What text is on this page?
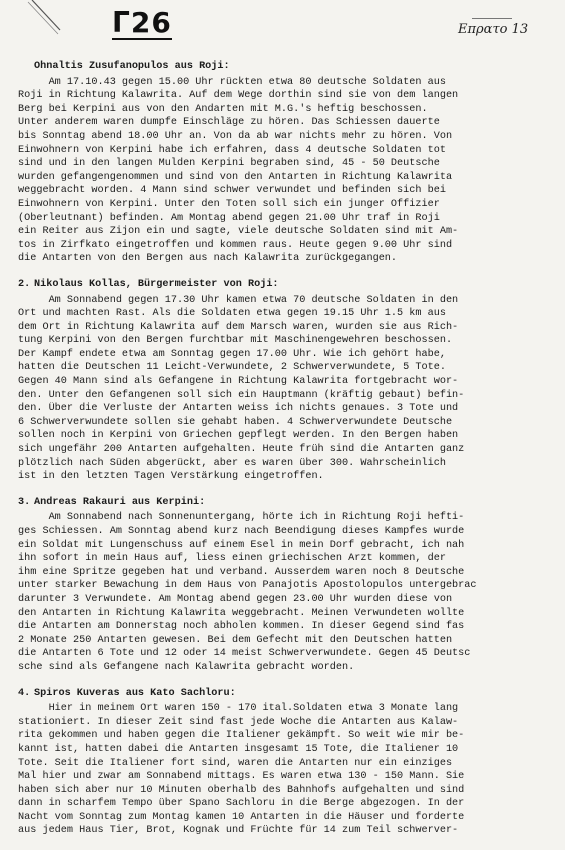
Γ26	Επρατο 13
Ohnaltis Zusufanopulos aus Roji:
Am 17.10.43 gegen 15.00 Uhr rückten etwa 80 deutsche Soldaten aus
Roji in Richtung Kalawrita. Auf dem Wege dorthin sind sie von dem langen
Berg bei Kerpini aus von den Andarten mit M.G.'s heftig beschossen.
Unter anderem waren dumpfe Einschläge zu hören. Das Schiessen dauerte
bis Sonntag abend 18.00 Uhr an. Von da ab war nichts mehr zu hören. Von
Einwohnern von Kerpini habe ich erfahren, dass 4 deutsche Soldaten tot
sind und in den langen Mulden Kerpini begraben sind, 45 - 50 Deutsche
wurden gefangengenommen und sind von den Antarten in Richtung Kalawrita
weggebracht worden. 4 Mann sind schwer verwundet und befinden sich bei
Einwohnern von Kerpini. Unter den Toten soll sich ein junger Offizier
(Oberleutnant) befinden. Am Montag abend gegen 21.00 Uhr traf in Roji
ein Reiter aus Zijon ein und sagte, viele deutsche Soldaten sind mit Am-
tos in Zirfkato eingetroffen und kommen raus. Heute gegen 9.00 Uhr sind
die Antarten von den Bergen aus nach Kalawrita zurückgegangen.
2. Nikolaus Kollas, Bürgermeister von Roji:
Am Sonnabend gegen 17.30 Uhr kamen etwa 70 deutsche Soldaten in den
Ort und machten Rast. Als die Soldaten etwa gegen 19.15 Uhr 1.5 km aus
dem Ort in Richtung Kalawrita auf dem Marsch waren, wurden sie aus Rich-
tung Kerpini von den Bergen furchtbar mit Maschinengewehren beschossen.
Der Kampf endete etwa am Sonntag gegen 17.00 Uhr. Wie ich gehört habe,
hatten die Deutschen 11 Leicht-Verwundete, 2 Schwerverwundete, 5 Tote.
Gegen 40 Mann sind als Gefangene in Richtung Kalawrita fortgebracht wor-
den. Unter den Gefangenen soll sich ein Hauptmann (kräftig gebaut) befin-
den. Über die Verluste der Antarten weiss ich nichts genaues. 3 Tote und
6 Schwerverwundete sollen sie gehabt haben. 4 Schwerverwundete Deutsche
sollen noch in Kerpini von Griechen gepflegt werden. In den Bergen haben
sich ungefähr 200 Antarten aufgehalten. Heute früh sind die Antarten ganz
plötzlich nach Süden abgerückt, aber es waren über 300. Wahrscheinlich
ist in den letzten Tagen Verstärkung eingetroffen.
3. Andreas Rakauri aus Kerpini:
Am Sonnabend nach Sonnenuntergang, hörte ich in Richtung Roji hefti-
ges Schiessen. Am Sonntag abend kurz nach Beendigung dieses Kampfes wurde
ein Soldat mit Lungenschuss auf einem Esel in mein Dorf gebracht, ich nah
ihn sofort in mein Haus auf, liess einen griechischen Arzt kommen, der
ihm eine Spritze gegeben hat und verband. Ausserdem waren noch 8 Deutsche
unter starker Bewachung in dem Haus von Panajotis Apostolopulos untergebrac
darunter 3 Verwundete. Am Montag abend gegen 23.00 Uhr wurden diese von
den Antarten in Richtung Kalawrita weggebracht. Meinen Verwundeten wollte
die Antarten am Donnerstag noch abholen kommen. In dieser Gegend sind fas
2 Monate 250 Antarten gewesen. Bei dem Gefecht mit den Deutschen hatten
die Antarten 6 Tote und 12 oder 14 meist Schwerverwundete. Gegen 45 Deutsc
sche sind als Gefangene nach Kalawrita gebracht worden.
4. Spiros Kuveras aus Kato Sachloru:
Hier in meinem Ort waren 150 - 170 ital.Soldaten etwa 3 Monate lang
stationiert. In dieser Zeit sind fast jede Woche die Antarten aus Kalaw-
rita gekommen und haben gegen die Italiener gekämpft. So weit wie mir be-
kannt ist, hatten dabei die Antarten insgesamt 15 Tote, die Italiener 10
Tote. Seit die Italiener fort sind, waren die Antarten nur ein einziges
Mal hier und zwar am Sonnabend mittags. Es waren etwa 130 - 150 Mann. Sie
haben sich aber nur 10 Minuten oberhalb des Bahnhofs aufgehalten und sind
dann in scharfem Tempo über Spano Sachloru in die Berge abgezogen. In der
Nacht vom Sonntag zum Montag kamen 10 Antarten in die Häuser und forderte
aus jedem Haus Tier, Brot, Kognak und Früchte für 14 zum Teil schwerver-
